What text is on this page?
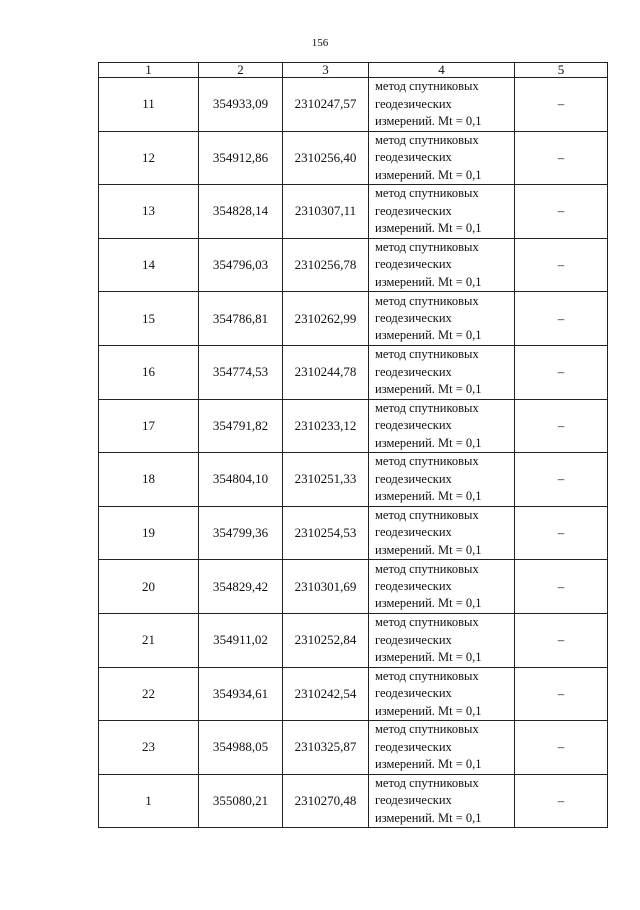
156
1	2	3	4	5
11	354933,09	2310247,57	метод спутниковых
геодезических
измерений. Mt = 0,1	–
12	354912,86	2310256,40	метод спутниковых
геодезических
измерений. Mt = 0,1	–
13	354828,14	2310307,11	метод спутниковых
геодезических
измерений. Mt = 0,1	–
14	354796,03	2310256,78	метод спутниковых
геодезических
измерений. Mt = 0,1	–
15	354786,81	2310262,99	метод спутниковых
геодезических
измерений. Mt = 0,1	–
16	354774,53	2310244,78	метод спутниковых
геодезических
измерений. Mt = 0,1	–
17	354791,82	2310233,12	метод спутниковых
геодезических
измерений. Mt = 0,1	–
18	354804,10	2310251,33	метод спутниковых
геодезических
измерений. Mt = 0,1	–
19	354799,36	2310254,53	метод спутниковых
геодезических
измерений. Mt = 0,1	–
20	354829,42	2310301,69	метод спутниковых
геодезических
измерений. Mt = 0,1	–
21	354911,02	2310252,84	метод спутниковых
геодезических
измерений. Mt = 0,1	–
22	354934,61	2310242,54	метод спутниковых
геодезических
измерений. Mt = 0,1	–
23	354988,05	2310325,87	метод спутниковых
геодезических
измерений. Mt = 0,1	–
1	355080,21	2310270,48	метод спутниковых
геодезических
измерений. Mt = 0,1	–
